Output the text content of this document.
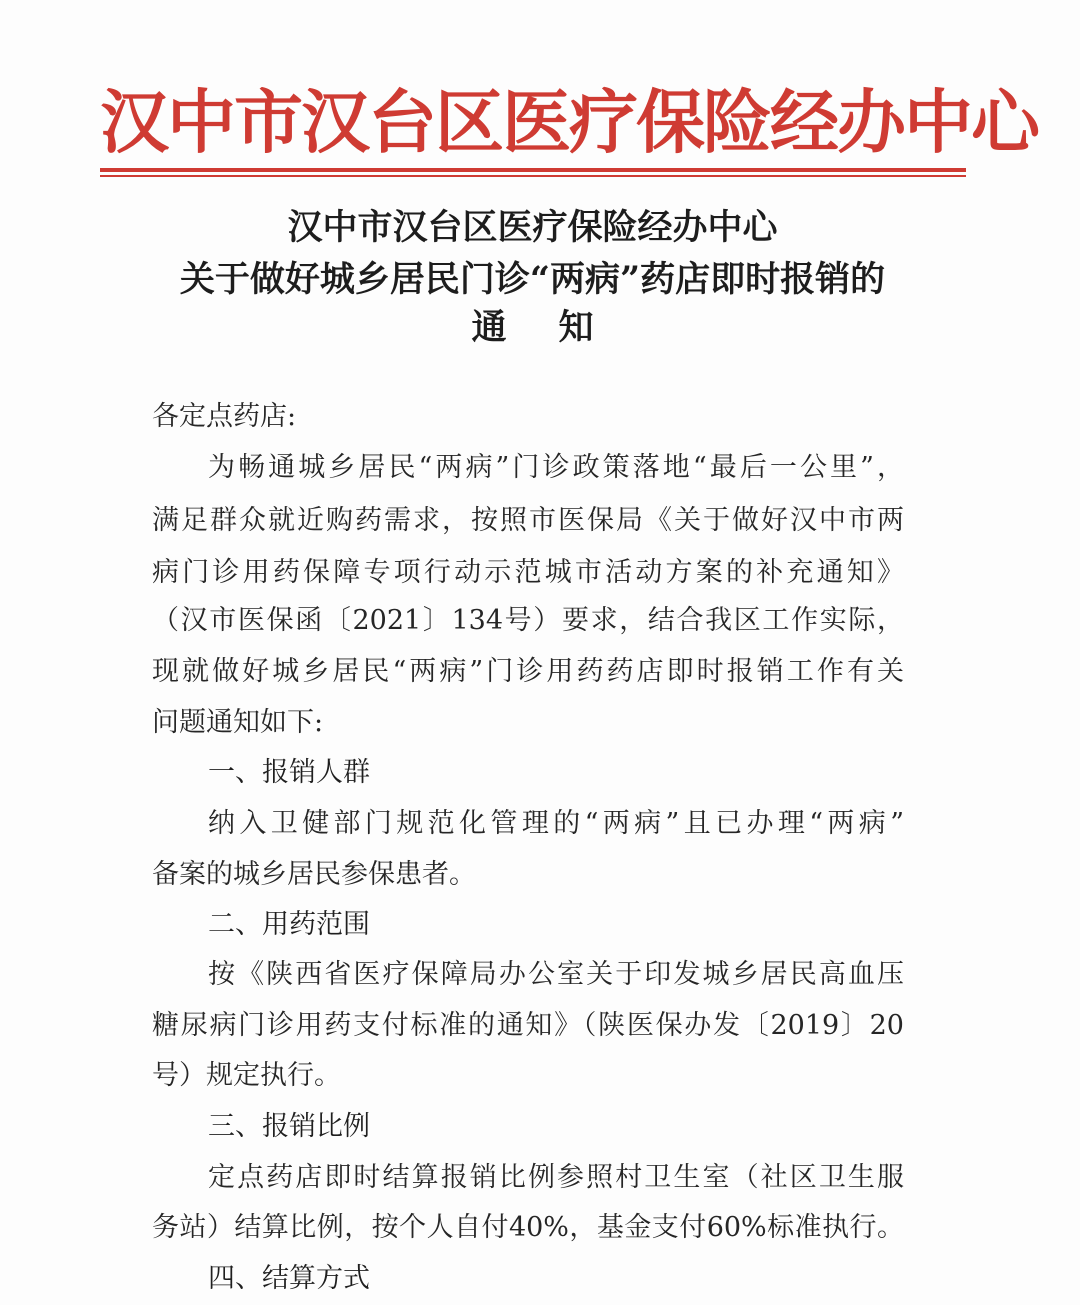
汉中市汉台区医疗保险经办中心
汉中市汉台区医疗保险经办中心
关于做好城乡居民门诊“两病”药店即时报销的
通知
各定点药店:
为畅通城乡居民“两病”门诊政策落地“最后一公里”，
满足群众就近购药需求，按照市医保局《关于做好汉中市两
病门诊用药保障专项行动示范城市活动方案的补充通知》
（汉市医保函〔2021〕134号）要求，结合我区工作实际，
现就做好城乡居民“两病”门诊用药药店即时报销工作有关
问题通知如下:
一、报销人群
纳入卫健部门规范化管理的“两病”且已办理“两病”
备案的城乡居民参保患者。
二、用药范围
按《陕西省医疗保障局办公室关于印发城乡居民高血压
糖尿病门诊用药支付标准的通知》（陕医保办发〔2019〕20
号）规定执行。
三、报销比例
定点药店即时结算报销比例参照村卫生室（社区卫生服
务站）结算比例，按个人自付40%，基金支付60%标准执行。
四、结算方式
